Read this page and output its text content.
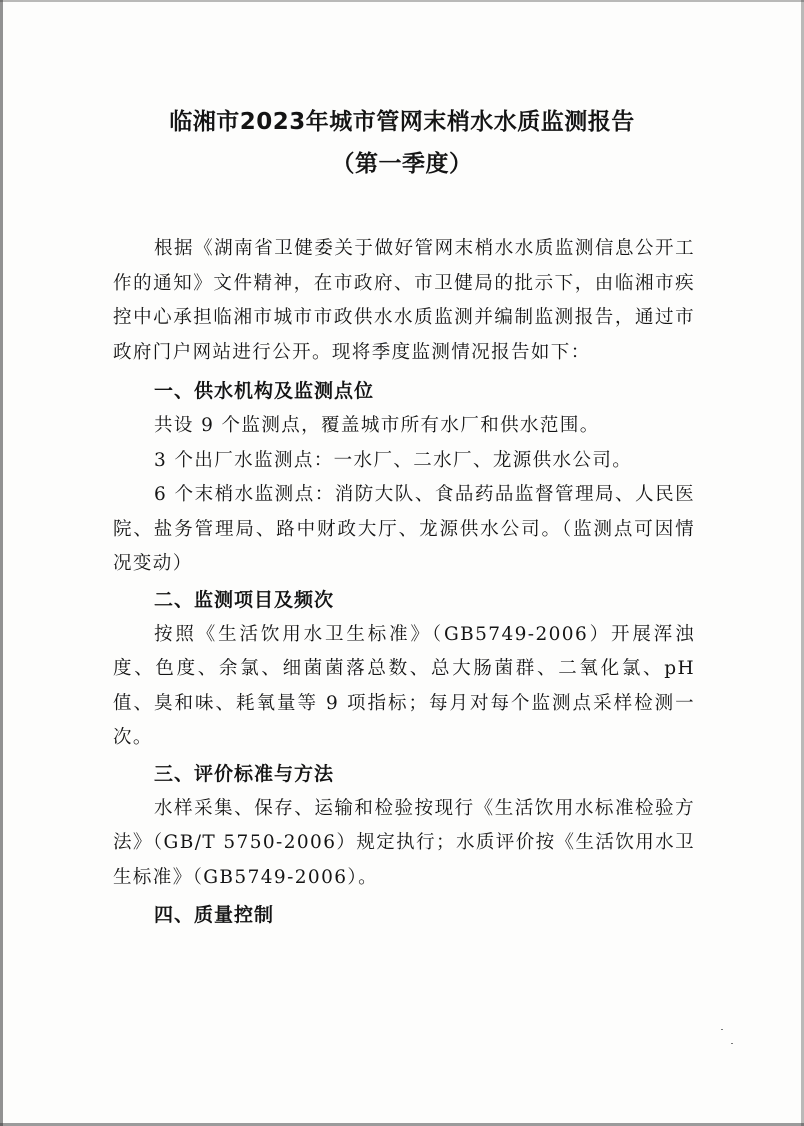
临湘市2023年城市管网末梢水水质监测报告
（第一季度）

根据《湖南省卫健委关于做好管网末梢水水质监测信息公开工作的通知》文件精神，在市政府、市卫健局的批示下，由临湘市疾控中心承担临湘市城市市政供水水质监测并编制监测报告，通过市政府门户网站进行公开。现将季度监测情况报告如下：

一、供水机构及监测点位

共设 9 个监测点，覆盖城市所有水厂和供水范围。

3 个出厂水监测点：一水厂、二水厂、龙源供水公司。

6 个末梢水监测点：消防大队、食品药品监督管理局、人民医院、盐务管理局、路中财政大厅、龙源供水公司。（监测点可因情况变动）

二、监测项目及频次

按照《生活饮用水卫生标准》（GB5749-2006）开展浑浊度、色度、余氯、细菌菌落总数、总大肠菌群、二氧化氯、pH 值、臭和味、耗氧量等 9 项指标；每月对每个监测点采样检测一次。

三、评价标准与方法

水样采集、保存、运输和检验按现行《生活饮用水标准检验方法》（GB/T 5750-2006）规定执行；水质评价按《生活饮用水卫生标准》（GB5749-2006）。

四、质量控制
